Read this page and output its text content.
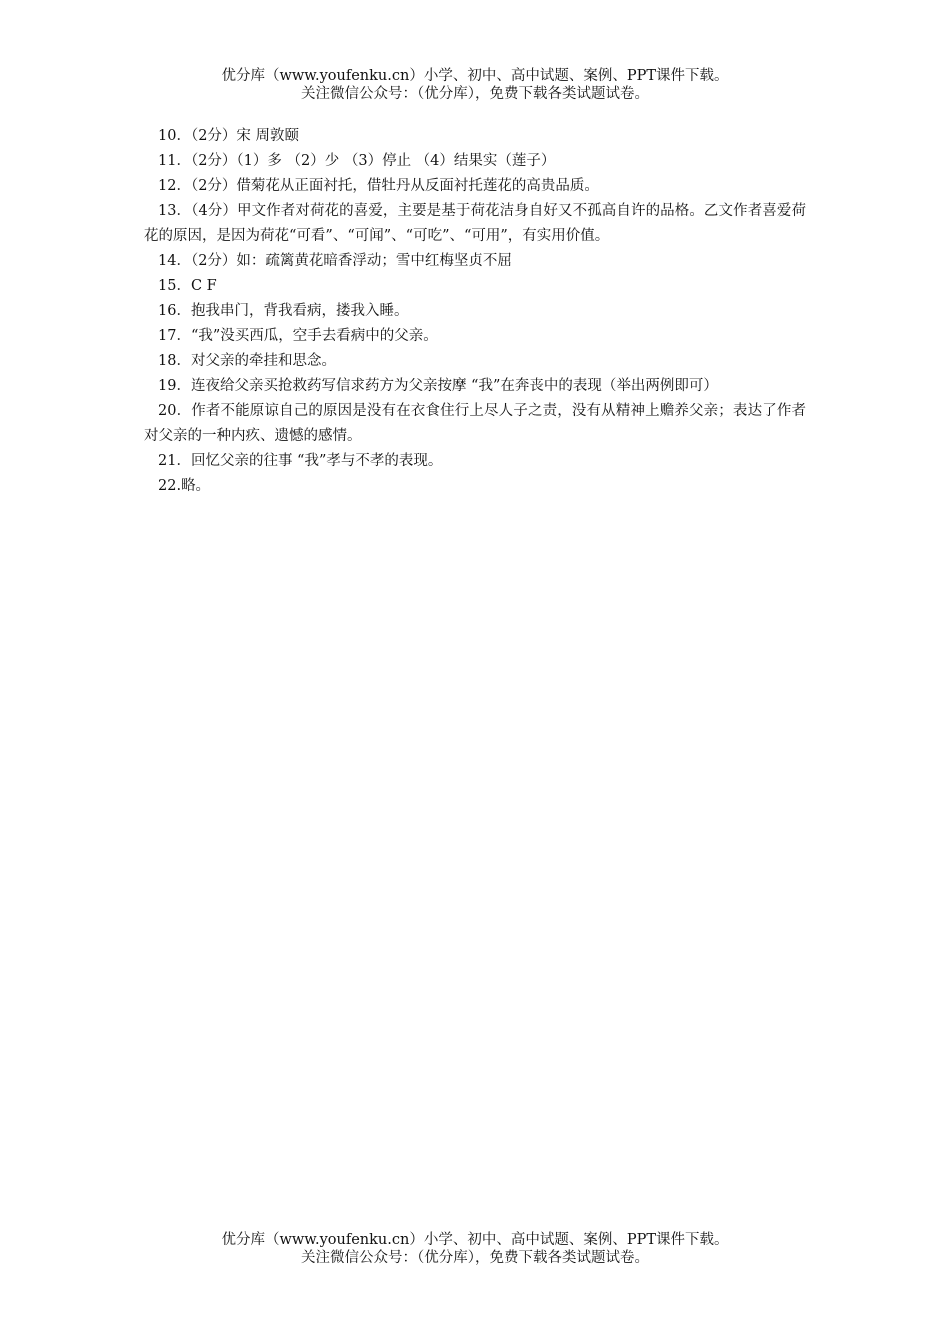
优分库（www.youfenku.cn）小学、初中、高中试题、案例、PPT课件下载。
关注微信公众号：（优分库），免费下载各类试题试卷。

10．（2分）宋 周敦颐

11．（2分）（1）多 （2）少 （3）停止 （4）结果实（莲子）

12．（2分）借菊花从正面衬托，借牡丹从反面衬托莲花的高贵品质。

13．（4分）甲文作者对荷花的喜爱，主要是基于荷花洁身自好又不孤高自许的品格。乙文作者喜爱荷花的原因，是因为荷花“可看”、“可闻”、“可吃”、“可用”，有实用价值。

14．（2分）如：疏篱黄花暗香浮动；雪中红梅坚贞不屈

15．C F

16．抱我串门，背我看病，搂我入睡。

17．“我”没买西瓜，空手去看病中的父亲。

18．对父亲的牵挂和思念。

19．连夜给父亲买抢救药写信求药方为父亲按摩 “我”在奔丧中的表现（举出两例即可）

20．作者不能原谅自己的原因是没有在衣食住行上尽人子之责，没有从精神上赡养父亲；表达了作者对父亲的一种内疚、遗憾的感情。

21．回忆父亲的往事 “我”孝与不孝的表现。

22.略。

优分库（www.youfenku.cn）小学、初中、高中试题、案例、PPT课件下载。
关注微信公众号：（优分库），免费下载各类试题试卷。
